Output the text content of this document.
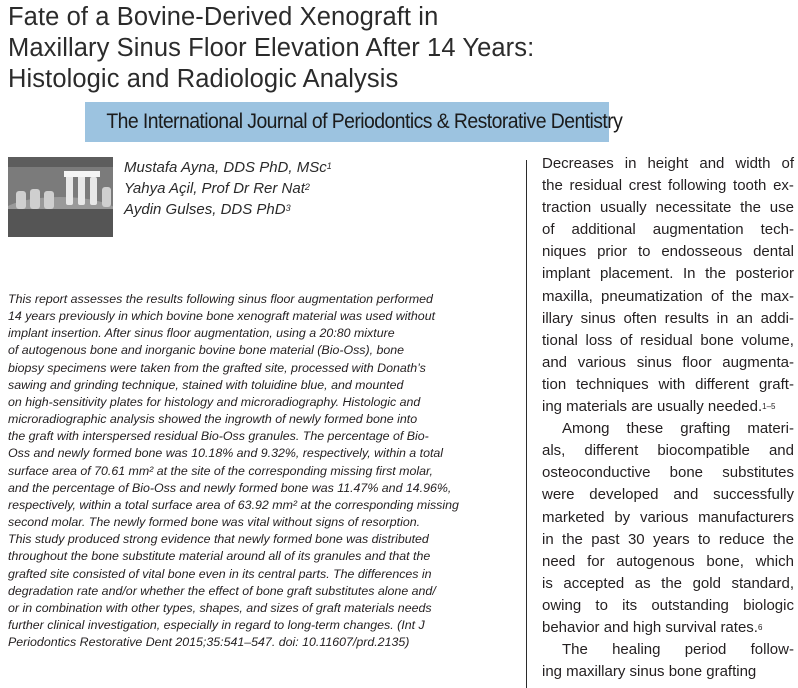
Fate of a Bovine-Derived Xenograft in
Maxillary Sinus Floor Elevation After 14 Years:
Histologic and Radiologic Analysis
The International Journal of Periodontics & Restorative Dentistry
Mustafa Ayna, DDS PhD, MSc$^1$
Yahya Açil, Prof Dr Rer Nat$^2$
Aydin Gulses, DDS PhD$^3$
This report assesses the results following sinus floor augmentation performed
14 years previously in which bovine bone xenograft material was used without
implant insertion. After sinus floor augmentation, using a 20:80 mixture
of autogenous bone and inorganic bovine bone material (Bio-Oss), bone
biopsy specimens were taken from the grafted site, processed with Donath’s
sawing and grinding technique, stained with toluidine blue, and mounted
on high-sensitivity plates for histology and microradiography. Histologic and
microradiographic analysis showed the ingrowth of newly formed bone into
the graft with interspersed residual Bio-Oss granules. The percentage of Bio-
Oss and newly formed bone was 10.18% and 9.32%, respectively, within a total
surface area of 70.61 mm² at the site of the corresponding missing first molar,
and the percentage of Bio-Oss and newly formed bone was 11.47% and 14.96%,
respectively, within a total surface area of 63.92 mm² at the corresponding missing
second molar. The newly formed bone was vital without signs of resorption.
This study produced strong evidence that newly formed bone was distributed
throughout the bone substitute material around all of its granules and that the
grafted site consisted of vital bone even in its central parts. The differences in
degradation rate and/or whether the effect of bone graft substitutes alone and/
or in combination with other types, shapes, and sizes of graft materials needs
further clinical investigation, especially in regard to long-term changes. (Int J
Periodontics Restorative Dent 2015;35:541–547. doi: 10.11607/prd.2135)
Decreases in height and width of
the residual crest following tooth ex-
traction usually necessitate the use
of additional augmentation tech-
niques prior to endosseous dental
implant placement. In the posterior
maxilla, pneumatization of the max-
illary sinus often results in an addi-
tional loss of residual bone volume,
and various sinus floor augmenta-
tion techniques with different graft-
ing materials are usually needed. 1–5
Among these grafting materi-
als, different biocompatible and
osteoconductive bone substitutes
were developed and successfully
marketed by various manufacturers
in the past 30 years to reduce the
need for autogenous bone, which
is accepted as the gold standard,
owing to its outstanding biologic
behavior and high survival rates. 6
The healing period follow-
ing maxillary sinus bone grafting
